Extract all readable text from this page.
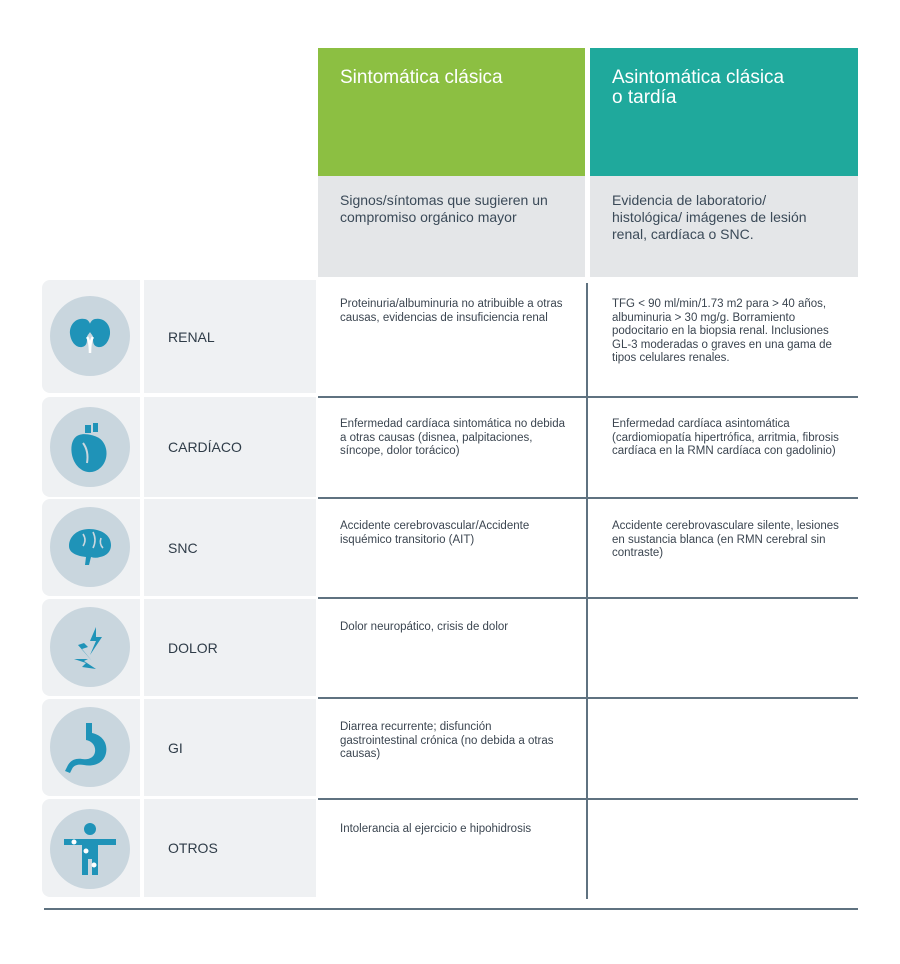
Sintomática clásica	Asintomática clásica
o tardía
Signos/síntomas que sugieren un compromiso orgánico mayor
Evidencia de laboratorio/ histológica/ imágenes de lesión renal, cardíaca o SNC.
RENAL
Proteinuria/albuminuria no atribuible a otras causas, evidencias de insuficiencia renal
TFG < 90 ml/min/1.73 m2 para > 40 años, albuminuria > 30 mg/g. Borramiento podocitario en la biopsia renal. Inclusiones GL-3 moderadas o graves en una gama de tipos celulares renales.
CARDÍACO
Enfermedad cardíaca sintomática no debida a otras causas (disnea, palpitaciones, síncope, dolor torácico)
Enfermedad cardíaca asintomática (cardiomiopatía hipertrófica, arritmia, fibrosis cardíaca en la RMN cardíaca con gadolinio)
SNC
Accidente cerebrovascular/Accidente isquémico transitorio (AIT)
Accidente cerebrovasculare silente, lesiones en sustancia blanca (en RMN cerebral sin contraste)
DOLOR
Dolor neuropático, crisis de dolor
GI
Diarrea recurrente; disfunción gastrointestinal crónica (no debida a otras causas)
OTROS
Intolerancia al ejercicio e hipohidrosis
